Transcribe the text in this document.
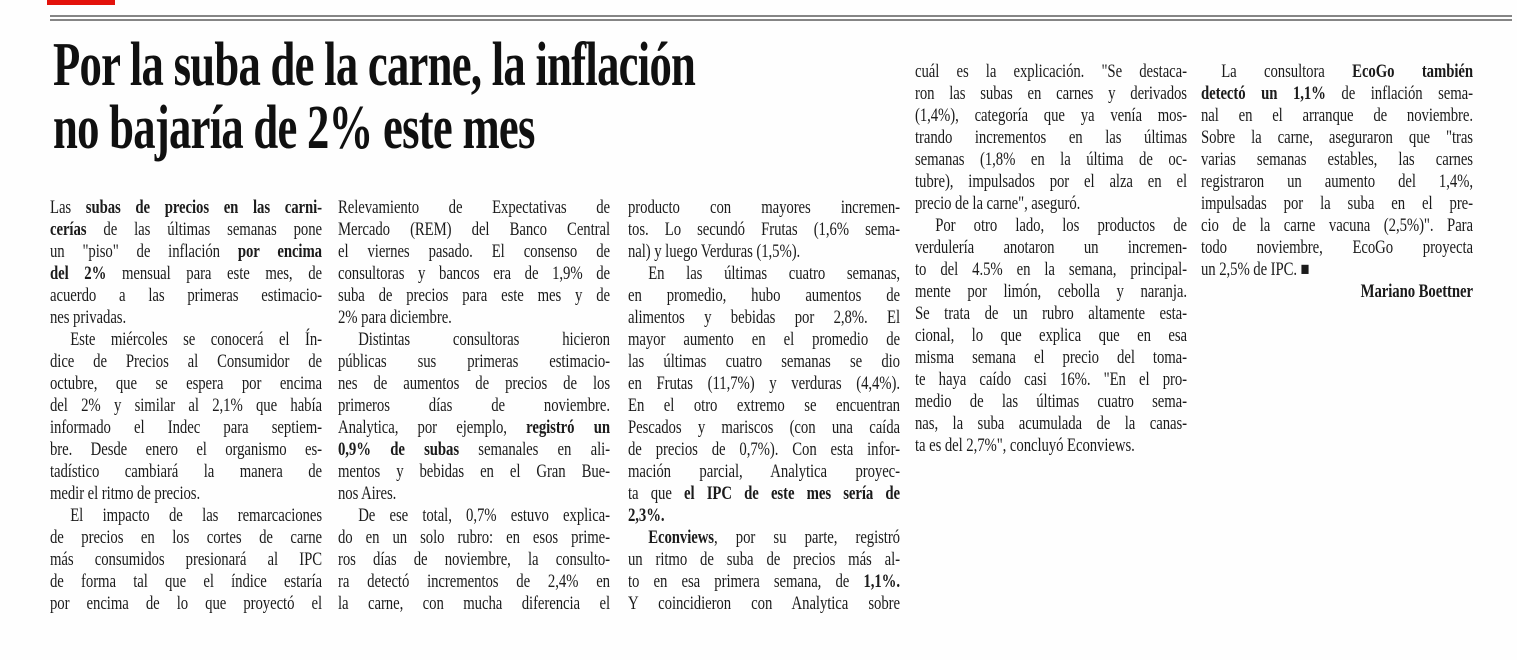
Por la suba de la carne, la inflación
no bajaría de 2% este mes
Las subas de precios en las carni-
cerías de las últimas semanas pone
un "piso" de inflación por encima
del 2% mensual para este mes, de
acuerdo a las primeras estimacio-
nes privadas.
Este miércoles se conocerá el Ín-
dice de Precios al Consumidor de
octubre, que se espera por encima
del 2% y similar al 2,1% que había
informado el Indec para septiem-
bre. Desde enero el organismo es-
tadístico cambiará la manera de
medir el ritmo de precios.
El impacto de las remarcaciones
de precios en los cortes de carne
más consumidos presionará al IPC
de forma tal que el índice estaría
por encima de lo que proyectó el
Relevamiento de Expectativas de
Mercado (REM) del Banco Central
el viernes pasado. El consenso de
consultoras y bancos era de 1,9% de
suba de precios para este mes y de
2% para diciembre.
Distintas consultoras hicieron
públicas sus primeras estimacio-
nes de aumentos de precios de los
primeros días de noviembre.
Analytica, por ejemplo, registró un
0,9% de subas semanales en ali-
mentos y bebidas en el Gran Bue-
nos Aires.
De ese total, 0,7% estuvo explica-
do en un solo rubro: en esos prime-
ros días de noviembre, la consulto-
ra detectó incrementos de 2,4% en
la carne, con mucha diferencia el
producto con mayores incremen-
tos. Lo secundó Frutas (1,6% sema-
nal) y luego Verduras (1,5%).
En las últimas cuatro semanas,
en promedio, hubo aumentos de
alimentos y bebidas por 2,8%. El
mayor aumento en el promedio de
las últimas cuatro semanas se dio
en Frutas (11,7%) y verduras (4,4%).
En el otro extremo se encuentran
Pescados y mariscos (con una caída
de precios de 0,7%). Con esta infor-
mación parcial, Analytica proyec-
ta que el IPC de este mes sería de
2,3%.
Econviews, por su parte, registró
un ritmo de suba de precios más al-
to en esa primera semana, de 1,1%.
Y coincidieron con Analytica sobre
cuál es la explicación. "Se destaca-
ron las subas en carnes y derivados
(1,4%), categoría que ya venía mos-
trando incrementos en las últimas
semanas (1,8% en la última de oc-
tubre), impulsados por el alza en el
precio de la carne", aseguró.
Por otro lado, los productos de
verdulería anotaron un incremen-
to del 4.5% en la semana, principal-
mente por limón, cebolla y naranja.
Se trata de un rubro altamente esta-
cional, lo que explica que en esa
misma semana el precio del toma-
te haya caído casi 16%. "En el pro-
medio de las últimas cuatro sema-
nas, la suba acumulada de la canas-
ta es del 2,7%", concluyó Econviews.
La consultora EcoGo también
detectó un 1,1% de inflación sema-
nal en el arranque de noviembre.
Sobre la carne, aseguraron que "tras
varias semanas estables, las carnes
registraron un aumento del 1,4%,
impulsadas por la suba en el pre-
cio de la carne vacuna (2,5%)". Para
todo noviembre, EcoGo proyecta
un 2,5% de IPC. ■
Mariano Boettner
